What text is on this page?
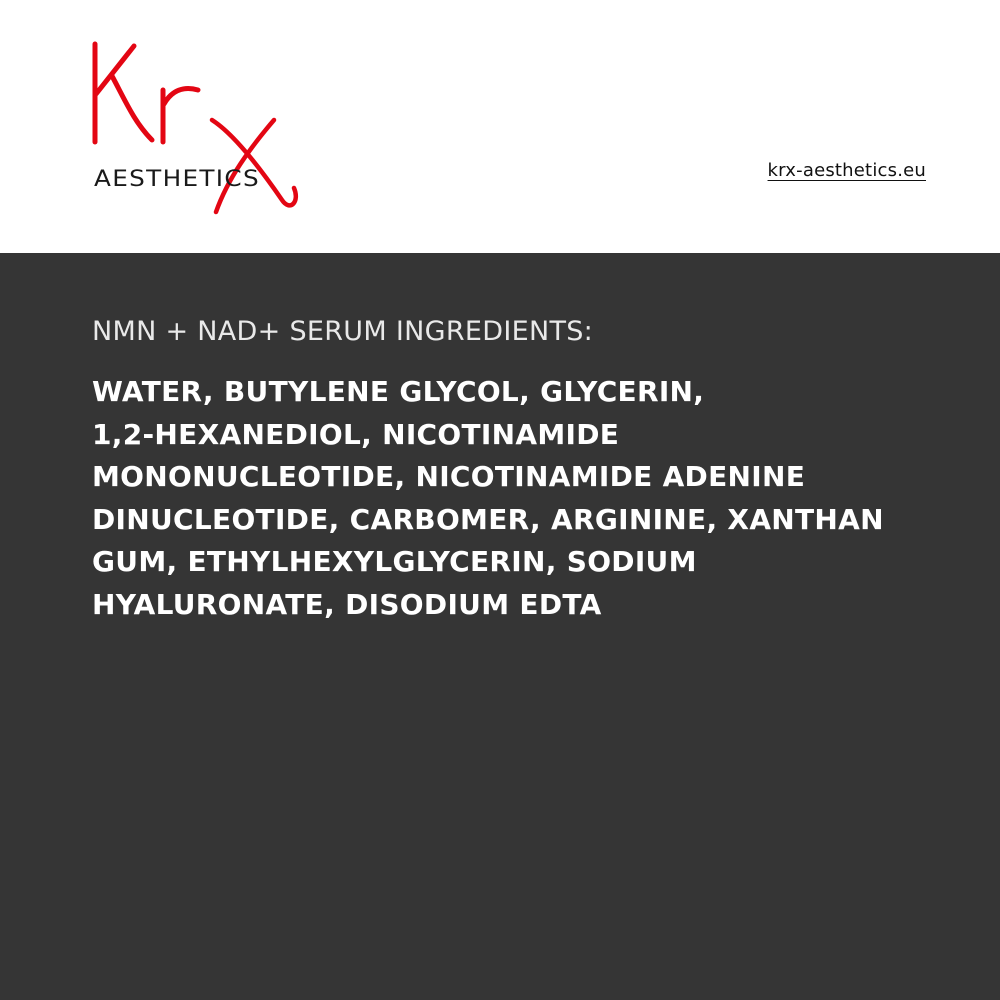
AESTHETICS	krx-aesthetics.eu
NMN + NAD+ SERUM INGREDIENTS:

WATER, BUTYLENE GLYCOL, GLYCERIN,
1,2-HEXANEDIOL, NICOTINAMIDE
MONONUCLEOTIDE, NICOTINAMIDE ADENINE
DINUCLEOTIDE, CARBOMER, ARGININE, XANTHAN
GUM, ETHYLHEXYLGLYCERIN, SODIUM
HYALURONATE, DISODIUM EDTA
